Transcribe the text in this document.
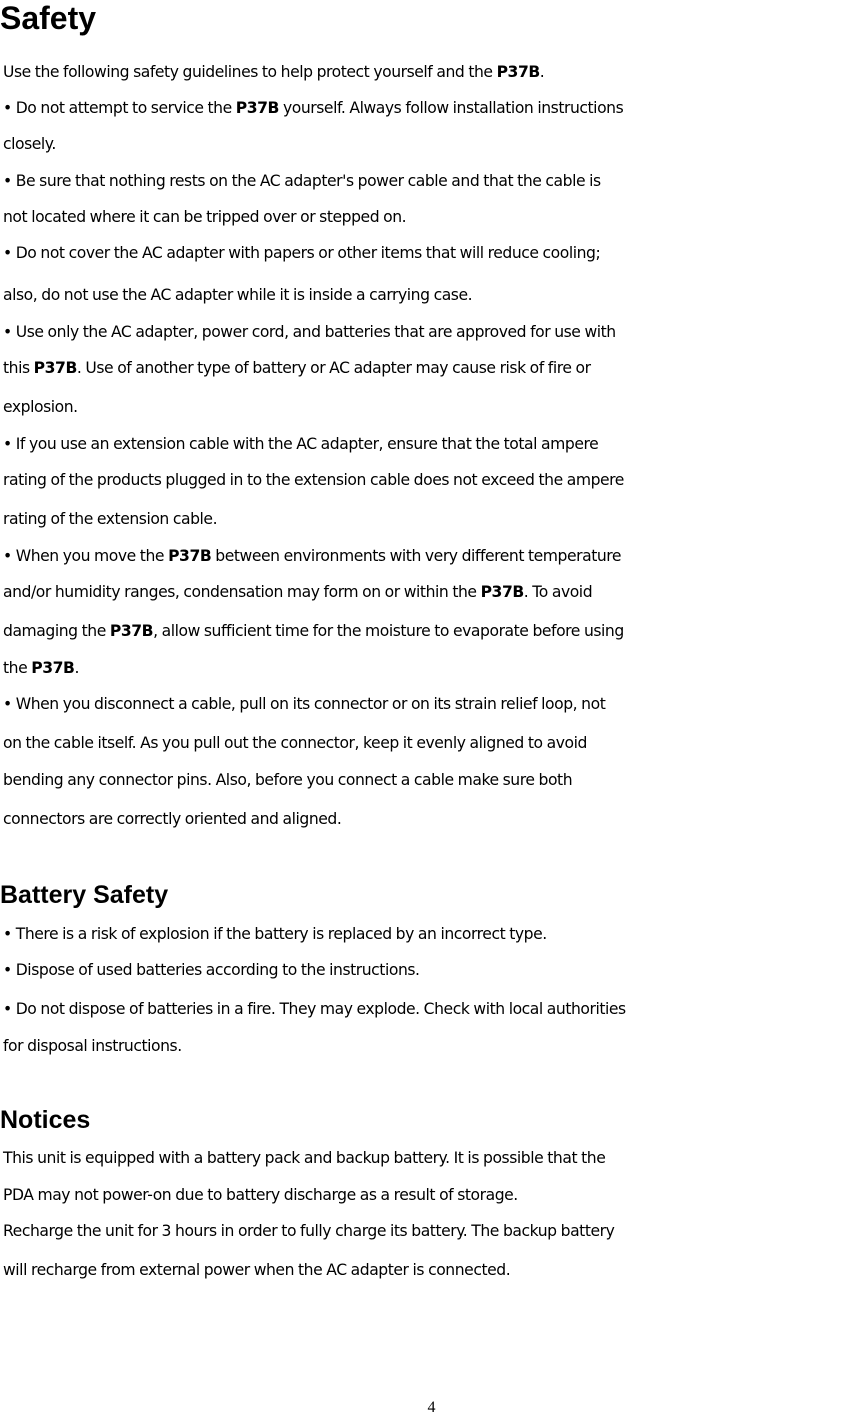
Safety

Use the following safety guidelines to help protect yourself and the P37B.

• Do not attempt to service the P37B yourself. Always follow installation instructions

closely.

• Be sure that nothing rests on the AC adapter's power cable and that the cable is

not located where it can be tripped over or stepped on.

• Do not cover the AC adapter with papers or other items that will reduce cooling;

also, do not use the AC adapter while it is inside a carrying case.

• Use only the AC adapter, power cord, and batteries that are approved for use with

this P37B. Use of another type of battery or AC adapter may cause risk of fire or

explosion.

• If you use an extension cable with the AC adapter, ensure that the total ampere

rating of the products plugged in to the extension cable does not exceed the ampere

rating of the extension cable.

• When you move the P37B between environments with very different temperature

and/or humidity ranges, condensation may form on or within the P37B. To avoid

damaging the P37B, allow sufficient time for the moisture to evaporate before using

the P37B.

• When you disconnect a cable, pull on its connector or on its strain relief loop, not

on the cable itself. As you pull out the connector, keep it evenly aligned to avoid

bending any connector pins. Also, before you connect a cable make sure both

connectors are correctly oriented and aligned.

Battery Safety

• There is a risk of explosion if the battery is replaced by an incorrect type.

• Dispose of used batteries according to the instructions.

• Do not dispose of batteries in a fire. They may explode. Check with local authorities

for disposal instructions.

Notices

This unit is equipped with a battery pack and backup battery. It is possible that the

PDA may not power-on due to battery discharge as a result of storage.

Recharge the unit for 3 hours in order to fully charge its battery. The backup battery

will recharge from external power when the AC adapter is connected.

4
